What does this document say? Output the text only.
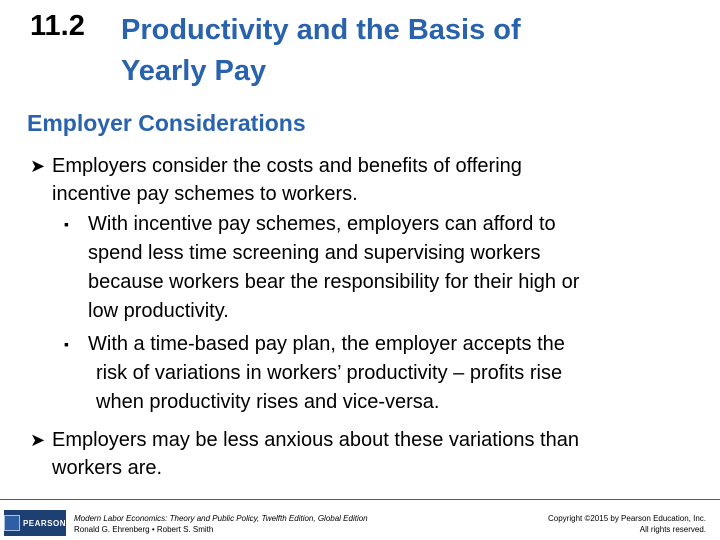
11.2 Productivity and the Basis of
Yearly Pay
Employer Considerations
➤ Employers consider the costs and benefits of offering
incentive pay schemes to workers.
▪ With incentive pay schemes, employers can afford to
spend less time screening and supervising workers
because workers bear the responsibility for their high or
low productivity.
▪ With a time-based pay plan, the employer accepts the
risk of variations in workers’ productivity – profits rise
when productivity rises and vice-versa.
➤ Employers may be less anxious about these variations than
workers are.
PEARSON Modern Labor Economics: Theory and Public Policy, Twelfth Edition, Global Edition
Ronald G. Ehrenberg • Robert S. Smith
Copyright ©2015 by Pearson Education, Inc.
All rights reserved.
